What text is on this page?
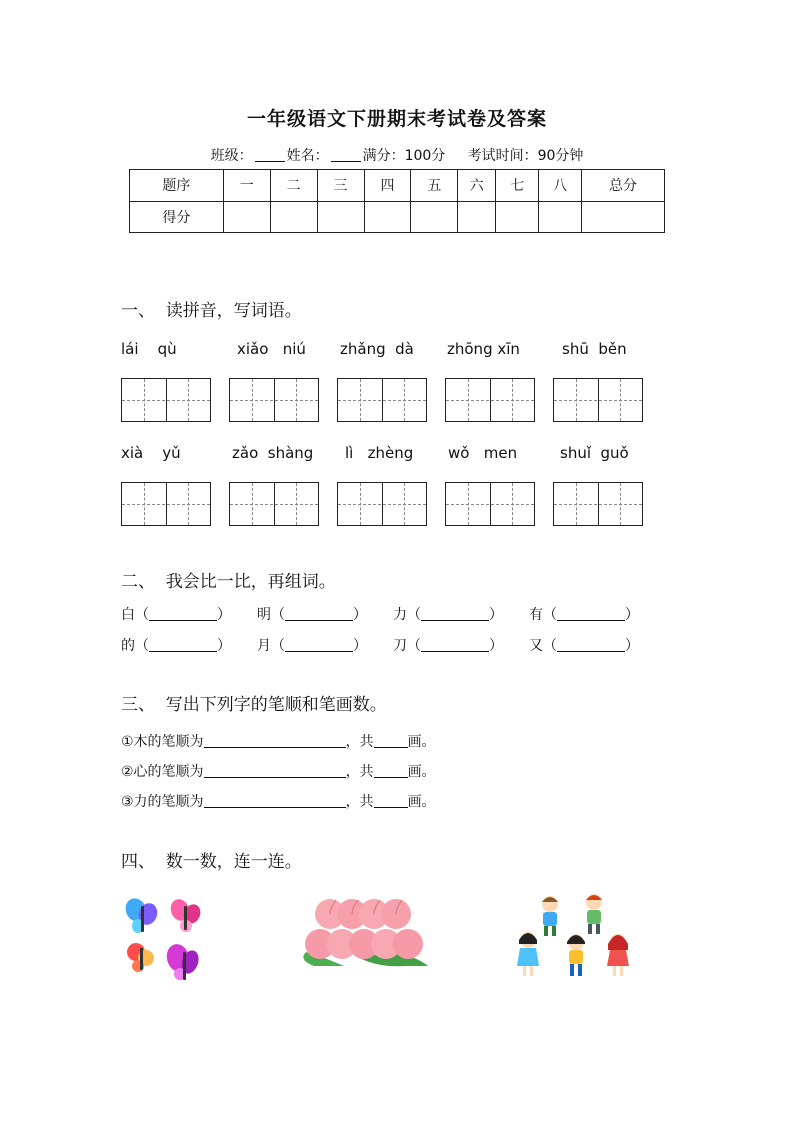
一年级语文下册期末考试卷及答案
班级： 姓名： 满分：100分 考试时间：90分钟
题序	一	二	三	四	五	六	七	八	总分
得分									
一、  读拼音，写词语。
lái    qù	xiǎo   niú zhǎng  dà zhōng xīn	shū  běn
xià    yǔ	zǎo  shàng lì   zhèng wǒ   men	shuǐ  guǒ
二、  我会比一比，再组词。
白（	） 明（	） 力（	） 有（	）
的（	） 月（	） 刀（	） 又（	）
三、  写出下列字的笔顺和笔画数。
①木的笔顺为	，共 画。
②心的笔顺为	，共 画。
③力的笔顺为	，共 画。
四、  数一数，连一连。
